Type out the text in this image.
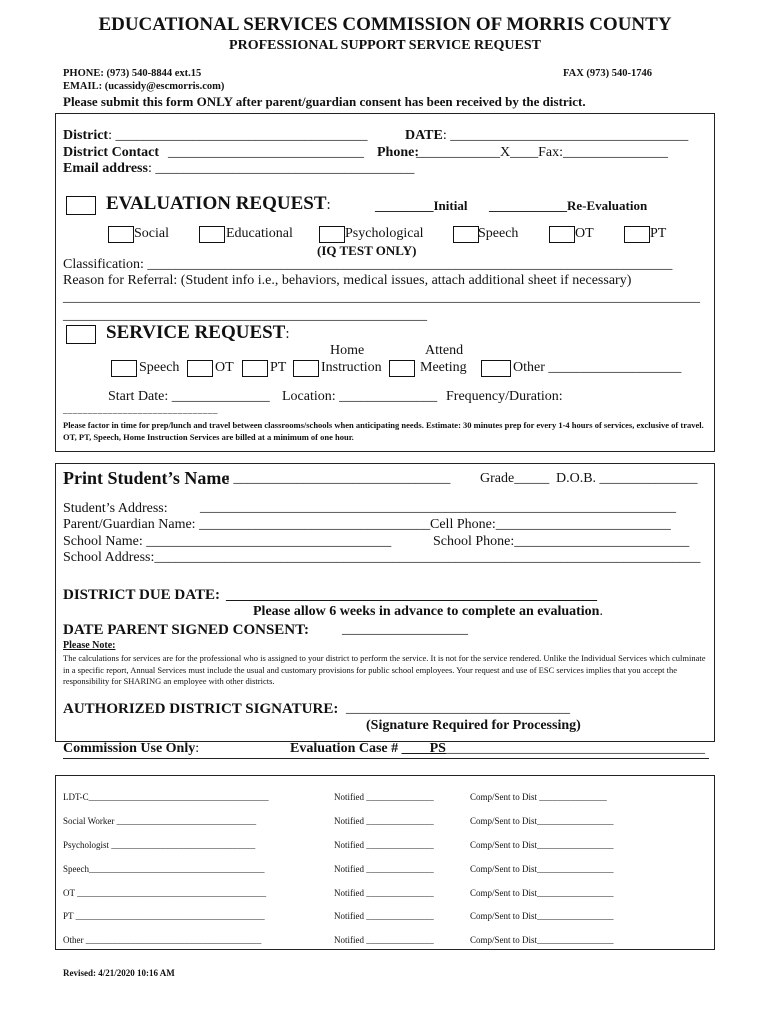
EDUCATIONAL SERVICES COMMISSION OF MORRIS COUNTY
PROFESSIONAL SUPPORT SERVICE REQUEST
PHONE: (973) 540-8844 ext.15	FAX (973) 540-1746
EMAIL: (ucassidy@escmorris.com)
Please submit this form ONLY after parent/guardian consent has been received by the district.
District: ____________________________________	DATE: __________________________________
District Contact ____________________________ Phone:
____________X____Fax:_______________
Email address: _____________________________________
EVALUATION REQUEST:	_________Initial ____________Re-Evaluation
Social	Educational	Psychological	Speech	OT	PT
(IQ TEST ONLY)
Classification: ___________________________________________________________________________
Reason for Referral: (Student info i.e., behaviors, medical issues, attach additional sheet if necessary)
___________________________________________________________________________________________
____________________________________________________
SERVICE REQUEST:
Home	Attend
Speech	OT	PT Instruction	Meeting	Other ___________________
Start Date: ______________ Location: ______________ Frequency/Duration:
_______________________________
Please factor in time for prep/lunch and travel between classrooms/schools when anticipating needs. Estimate: 30 minutes prep for every 1-4 hours of services, exclusive of travel. OT, PT, Speech, Home Instruction Services are billed at a minimum of one hour.
Print Student’s Name
: _______________________________ Grade_____ D.O.B. ______________
Student’s Address: ____________________________________________________________________
Parent/Guardian Name: _________________________________ Cell Phone:_________________________
School Name: ___________________________________	School Phone:_________________________
School Address:______________________________________________________________________________
DISTRICT DUE DATE: _____________________________________________________
Please allow 6 weeks in advance to complete an evaluation.
DATE PARENT SIGNED CONSENT: __________________
Please Note:
The calculations for services are for the professional who is assigned to your district to perform the service. It is not for the service rendered. Unlike the Individual Services which culminate in a specific report, Annual Services must include the usual and customary provisions for public school employees. Your request and use of ESC services implies that you accept the responsibility for SHARING an employee with other districts.
AUTHORIZED DISTRICT SIGNATURE: ________________________________
(Signature Required for Processing)
Commission Use Only:	Evaluation Case # ____PS_____________________________________
LDT-C________________________________________	Notified _______________	Comp/Sent to Dist _______________
Social Worker _______________________________	Notified _______________	Comp/Sent to Dist_________________
Psychologist ________________________________	Notified _______________	Comp/Sent to Dist_________________
Speech_______________________________________	Notified _______________	Comp/Sent to Dist_________________
OT __________________________________________	Notified _______________	Comp/Sent to Dist_________________
PT __________________________________________	Notified _______________	Comp/Sent to Dist_________________
Other _______________________________________	Notified _______________	Comp/Sent to Dist_________________
Revised: 4/21/2020 10:16 AM
